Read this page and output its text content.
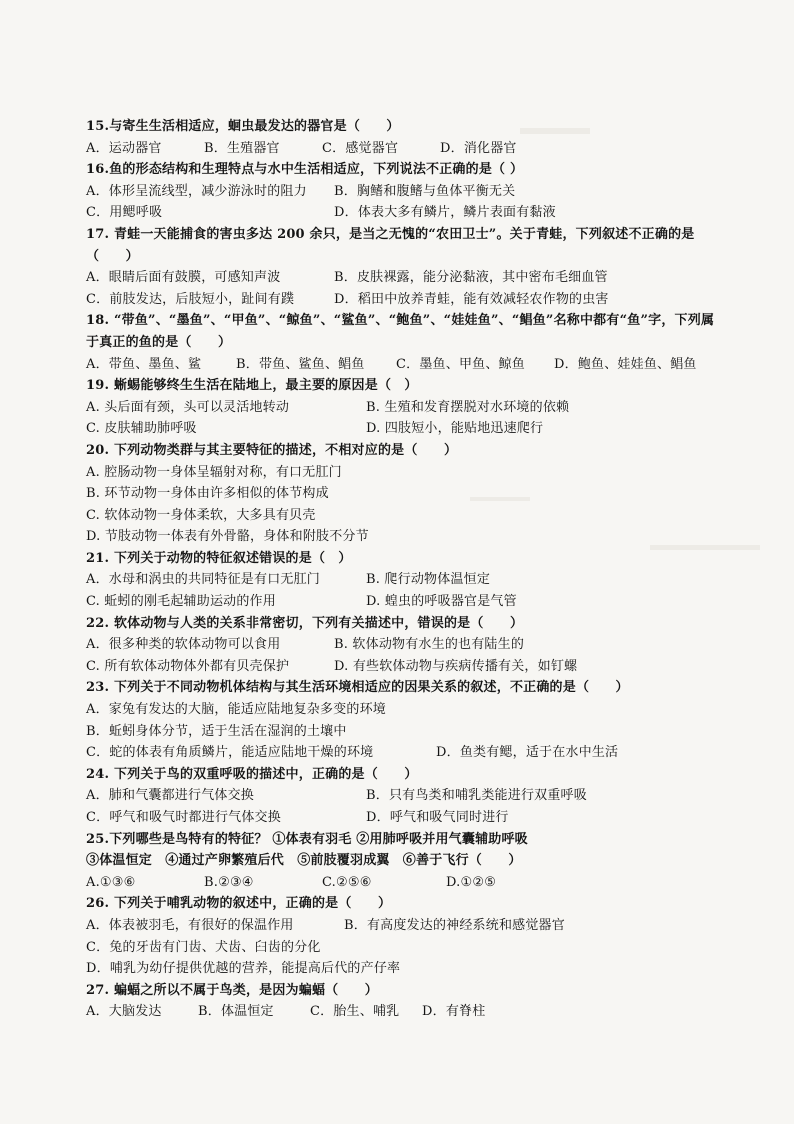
15.与寄生生活相适应，蛔虫最发达的器官是（　　）
A．运动器官	B．生殖器官	C．感觉器官	D．消化器官
16.鱼的形态结构和生理特点与水中生活相适应，下列说法不正确的是（ ）
A．体形呈流线型，减少游泳时的阻力	B．胸鳍和腹鳍与鱼体平衡无关
C．用鳃呼吸	D．体表大多有鳞片，鳞片表面有黏液
17. 青蛙一天能捕食的害虫多达 200 余只，是当之无愧的“农田卫士”。关于青蛙，下列叙述不正确的是（　　）
A．眼睛后面有鼓膜，可感知声波	B．皮肤裸露，能分泌黏液，其中密布毛细血管
C．前肢发达，后肢短小，趾间有蹼	D．稻田中放养青蛙，能有效减轻农作物的虫害
18. “带鱼”、“墨鱼”、“甲鱼”、“鲸鱼”、“鲨鱼”、“鲍鱼”、“娃娃鱼”、“鲳鱼”名称中都有“鱼”字，下列属于真正的鱼的是（　　）
A．带鱼、墨鱼、鲨	B．带鱼、鲨鱼、鲳鱼	C．墨鱼、甲鱼、鲸鱼	D．鲍鱼、娃娃鱼、鲳鱼
19. 蜥蜴能够终生生活在陆地上，最主要的原因是（　）
A. 头后面有颈，头可以灵活地转动	B. 生殖和发育摆脱对水环境的依赖
C. 皮肤辅助肺呼吸	D. 四肢短小，能贴地迅速爬行
20. 下列动物类群与其主要特征的描述，不相对应的是（　　）
A. 腔肠动物一身体呈辐射对称，有口无肛门
B. 环节动物一身体由许多相似的体节构成
C. 软体动物一身体柔软，大多具有贝壳
D. 节肢动物一体表有外骨骼，身体和附肢不分节
21. 下列关于动物的特征叙述错误的是（　）
A．水母和涡虫的共同特征是有口无肛门	B. 爬行动物体温恒定
C. 蚯蚓的刚毛起辅助运动的作用	D. 蝗虫的呼吸器官是气管
22. 软体动物与人类的关系非常密切，下列有关描述中，错误的是（　　）
A．很多种类的软体动物可以食用	B. 软体动物有水生的也有陆生的
C. 所有软体动物体外都有贝壳保护	D. 有些软体动物与疾病传播有关，如钉螺
23. 下列关于不同动物机体结构与其生活环境相适应的因果关系的叙述，不正确的是（　　）
A．家兔有发达的大脑，能适应陆地复杂多变的环境
B．蚯蚓身体分节，适于生活在湿润的土壤中
C．蛇的体表有角质鳞片，能适应陆地干燥的环境	D．鱼类有鳃，适于在水中生活
24. 下列关于鸟的双重呼吸的描述中，正确的是（　　）
A．肺和气囊都进行气体交换	B．只有鸟类和哺乳类能进行双重呼吸
C．呼气和吸气时都进行气体交换	D．呼气和吸气同时进行
25.下列哪些是鸟特有的特征？ ①体表有羽毛 ②用肺呼吸并用气囊辅助呼吸
③体温恒定　④通过产卵繁殖后代　⑤前肢覆羽成翼　⑥善于飞行（　　）
A.①③⑥	B.②③④	C.②⑤⑥	D.①②⑤
26. 下列关于哺乳动物的叙述中，正确的是（　　）
A．体表被羽毛，有很好的保温作用	B．有高度发达的神经系统和感觉器官
C．兔的牙齿有门齿、犬齿、臼齿的分化
D．哺乳为幼仔提供优越的营养，能提高后代的产仔率
27. 蝙蝠之所以不属于鸟类，是因为蝙蝠（　　）
A．大脑发达	B．体温恒定	C．胎生、哺乳	D．有脊柱
